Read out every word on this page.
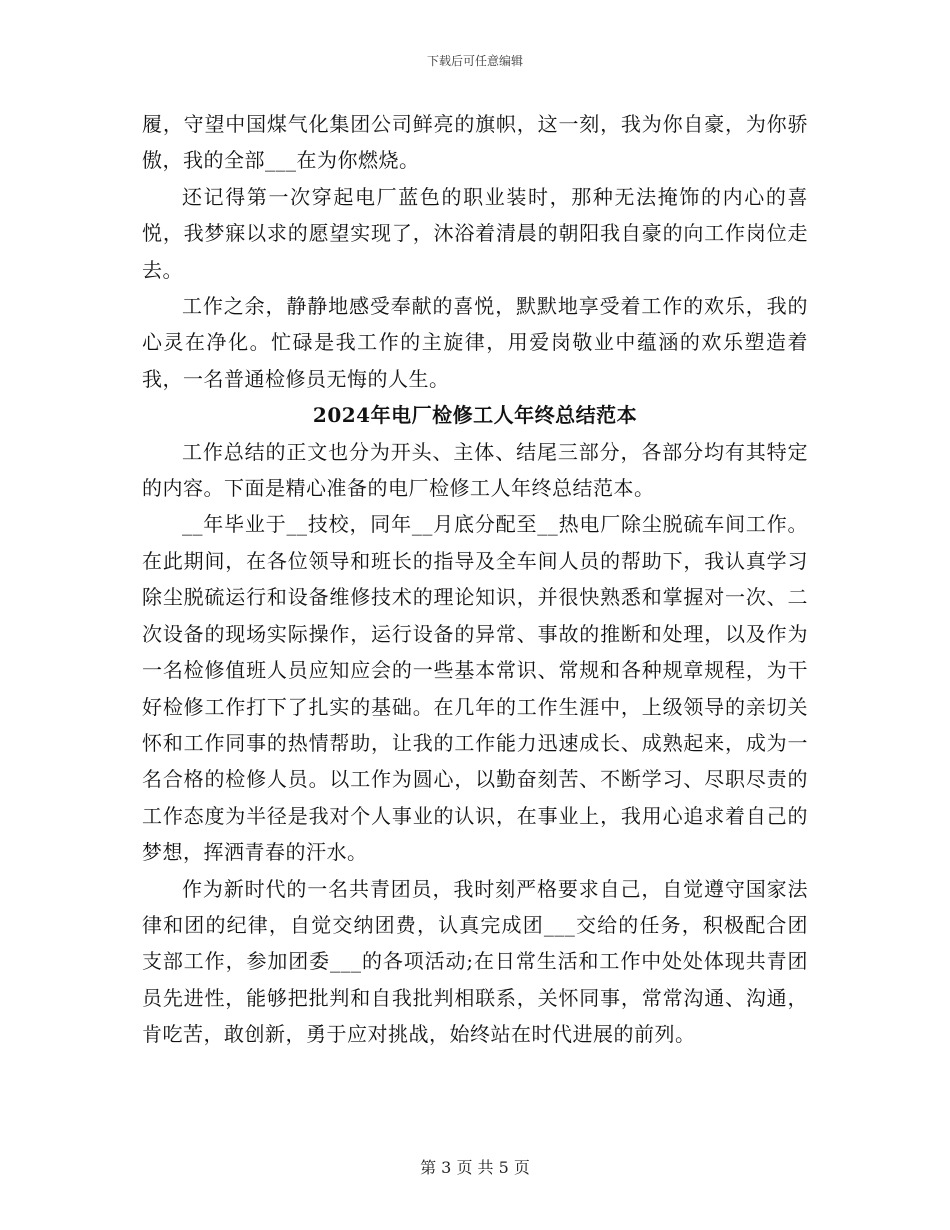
下载后可任意编辑

履，守望中国煤气化集团公司鲜亮的旗帜，这一刻，我为你自豪，为你骄傲，我的全部___在为你燃烧。

还记得第一次穿起电厂蓝色的职业装时，那种无法掩饰的内心的喜悦，我梦寐以求的愿望实现了，沐浴着清晨的朝阳我自豪的向工作岗位走去。

工作之余，静静地感受奉献的喜悦，默默地享受着工作的欢乐，我的心灵在净化。忙碌是我工作的主旋律，用爱岗敬业中蕴涵的欢乐塑造着我，一名普通检修员无悔的人生。

2024年电厂检修工人年终总结范本

工作总结的正文也分为开头、主体、结尾三部分，各部分均有其特定的内容。下面是精心准备的电厂检修工人年终总结范本。

__年毕业于__技校，同年__月底分配至__热电厂除尘脱硫车间工作。在此期间，在各位领导和班长的指导及全车间人员的帮助下，我认真学习除尘脱硫运行和设备维修技术的理论知识，并很快熟悉和掌握对一次、二次设备的现场实际操作，运行设备的异常、事故的推断和处理，以及作为一名检修值班人员应知应会的一些基本常识、常规和各种规章规程，为干好检修工作打下了扎实的基础。在几年的工作生涯中，上级领导的亲切关怀和工作同事的热情帮助，让我的工作能力迅速成长、成熟起来，成为一名合格的检修人员。以工作为圆心，以勤奋刻苦、不断学习、尽职尽责的工作态度为半径是我对个人事业的认识，在事业上，我用心追求着自己的梦想，挥洒青春的汗水。

作为新时代的一名共青团员，我时刻严格要求自己，自觉遵守国家法律和团的纪律，自觉交纳团费，认真完成团___交给的任务，积极配合团支部工作，参加团委___的各项活动;在日常生活和工作中处处体现共青团员先进性，能够把批判和自我批判相联系，关怀同事，常常沟通、沟通，肯吃苦，敢创新，勇于应对挑战，始终站在时代进展的前列。

第 3 页 共 5 页
